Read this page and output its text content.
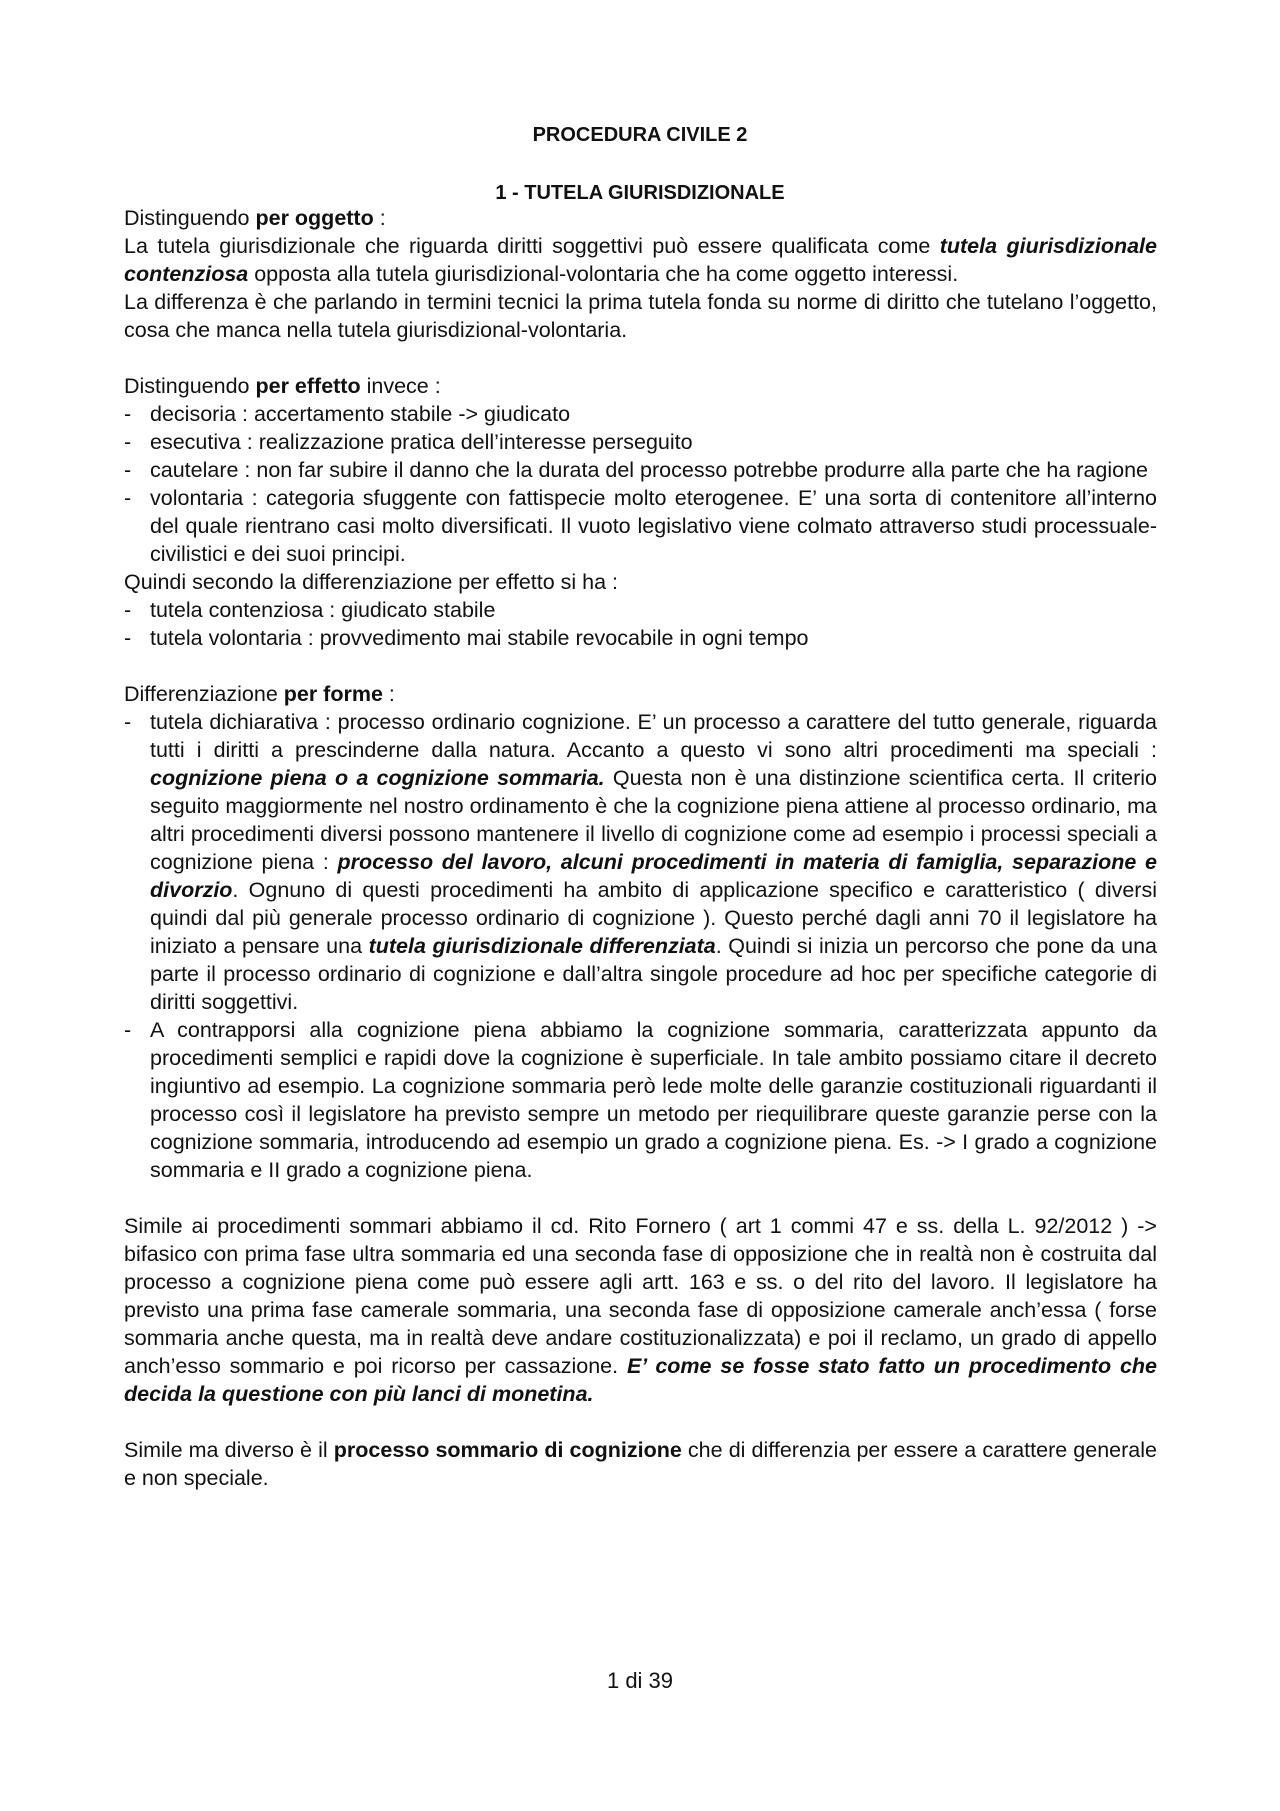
PROCEDURA CIVILE 2
1 - TUTELA GIURISDIZIONALE

Distinguendo per oggetto :

La tutela giurisdizionale che riguarda diritti soggettivi può essere qualificata come tutela giurisdizionale contenziosa opposta alla tutela giurisdizional-volontaria che ha come oggetto interessi.

La differenza è che parlando in termini tecnici la prima tutela fonda su norme di diritto che tutelano l’oggetto, cosa che manca nella tutela giurisdizional-volontaria.

Distinguendo per effetto invece :

- decisoria : accertamento stabile -> giudicato
- esecutiva : realizzazione pratica dell’interesse perseguito
- cautelare : non far subire il danno che la durata del processo potrebbe produrre alla parte che ha ragione
- volontaria : categoria sfuggente con fattispecie molto eterogenee. E’ una sorta di contenitore all’interno del quale rientrano casi molto diversificati. Il vuoto legislativo viene colmato attraverso studi processuale-civilistici e dei suoi principi.

Quindi secondo la differenziazione per effetto si ha :

- tutela contenziosa : giudicato stabile
- tutela volontaria : provvedimento mai stabile revocabile in ogni tempo

Differenziazione per forme :

- tutela dichiarativa : processo ordinario cognizione. E’ un processo a carattere del tutto generale, riguarda tutti i diritti a prescinderne dalla natura. Accanto a questo vi sono altri procedimenti ma speciali : cognizione piena o a cognizione sommaria. Questa non è una distinzione scientifica certa. Il criterio seguito maggiormente nel nostro ordinamento è che la cognizione piena attiene al processo ordinario, ma altri procedimenti diversi possono mantenere il livello di cognizione come ad esempio i processi speciali a cognizione piena : processo del lavoro, alcuni procedimenti in materia di famiglia, separazione e divorzio. Ognuno di questi procedimenti ha ambito di applicazione specifico e caratteristico ( diversi quindi dal più generale processo ordinario di cognizione ). Questo perché dagli anni 70 il legislatore ha iniziato a pensare una tutela giurisdizionale differenziata. Quindi si inizia un percorso che pone da una parte il processo ordinario di cognizione e dall’altra singole procedure ad hoc per specifiche categorie di diritti soggettivi.
- A contrapporsi alla cognizione piena abbiamo la cognizione sommaria, caratterizzata appunto da procedimenti semplici e rapidi dove la cognizione è superficiale. In tale ambito possiamo citare il decreto ingiuntivo ad esempio. La cognizione sommaria però lede molte delle garanzie costituzionali riguardanti il processo così il legislatore ha previsto sempre un metodo per riequilibrare queste garanzie perse con la cognizione sommaria, introducendo ad esempio un grado a cognizione piena. Es. -> I grado a cognizione sommaria e II grado a cognizione piena.

Simile ai procedimenti sommari abbiamo il cd. Rito Fornero ( art 1 commi 47 e ss. della L. 92/2012 ) -> bifasico con prima fase ultra sommaria ed una seconda fase di opposizione che in realtà non è costruita dal processo a cognizione piena come può essere agli artt. 163 e ss. o del rito del lavoro. Il legislatore ha previsto una prima fase camerale sommaria, una seconda fase di opposizione camerale anch’essa ( forse sommaria anche questa, ma in realtà deve andare costituzionalizzata) e poi il reclamo, un grado di appello anch’esso sommario e poi ricorso per cassazione. E’ come se fosse stato fatto un procedimento che decida la questione con più lanci di monetina.

Simile ma diverso è il processo sommario di cognizione che di differenzia per essere a carattere generale e non speciale.

1 di 39
